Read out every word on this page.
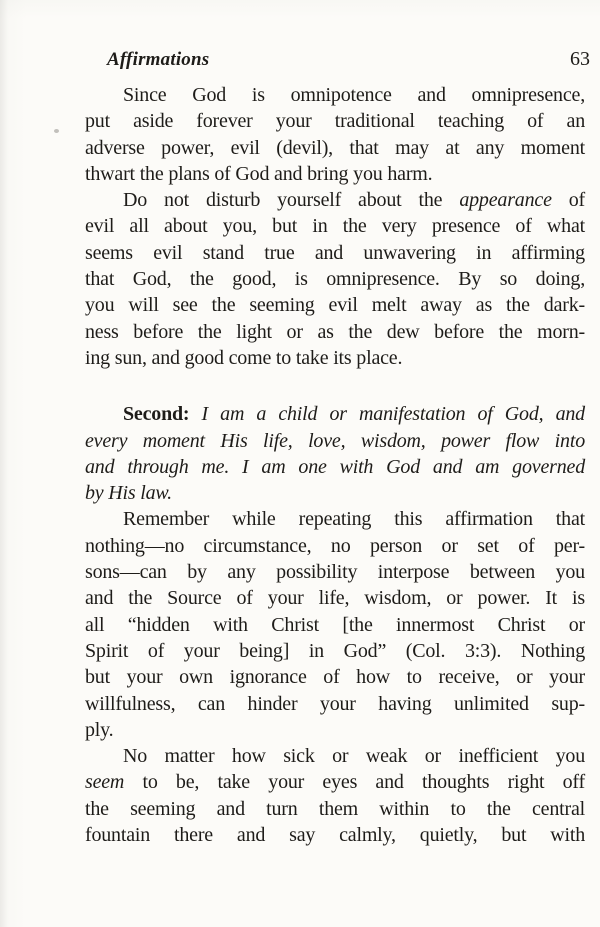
Affirmations	63
Since God is omnipotence and omnipresence,
put aside forever your traditional teaching of an
adverse power, evil (devil), that may at any moment
thwart the plans of God and bring you harm.
Do not disturb yourself about the appearance of
evil all about you, but in the very presence of what
seems evil stand true and unwavering in affirming
that God, the good, is omnipresence. By so doing,
you will see the seeming evil melt away as the dark-
ness before the light or as the dew before the morn-
ing sun, and good come to take its place.
Second: I am a child or manifestation of God, and
every moment His life, love, wisdom, power flow into
and through me. I am one with God and am governed
by His law.
Remember while repeating this affirmation that
nothing—no circumstance, no person or set of per-
sons—can by any possibility interpose between you
and the Source of your life, wisdom, or power. It is
all “hidden with Christ [the innermost Christ or
Spirit of your being] in God” (Col. 3:3). Nothing
but your own ignorance of how to receive, or your
willfulness, can hinder your having unlimited sup-
ply.
No matter how sick or weak or inefficient you
seem to be, take your eyes and thoughts right off
the seeming and turn them within to the central
fountain there and say calmly, quietly, but with
